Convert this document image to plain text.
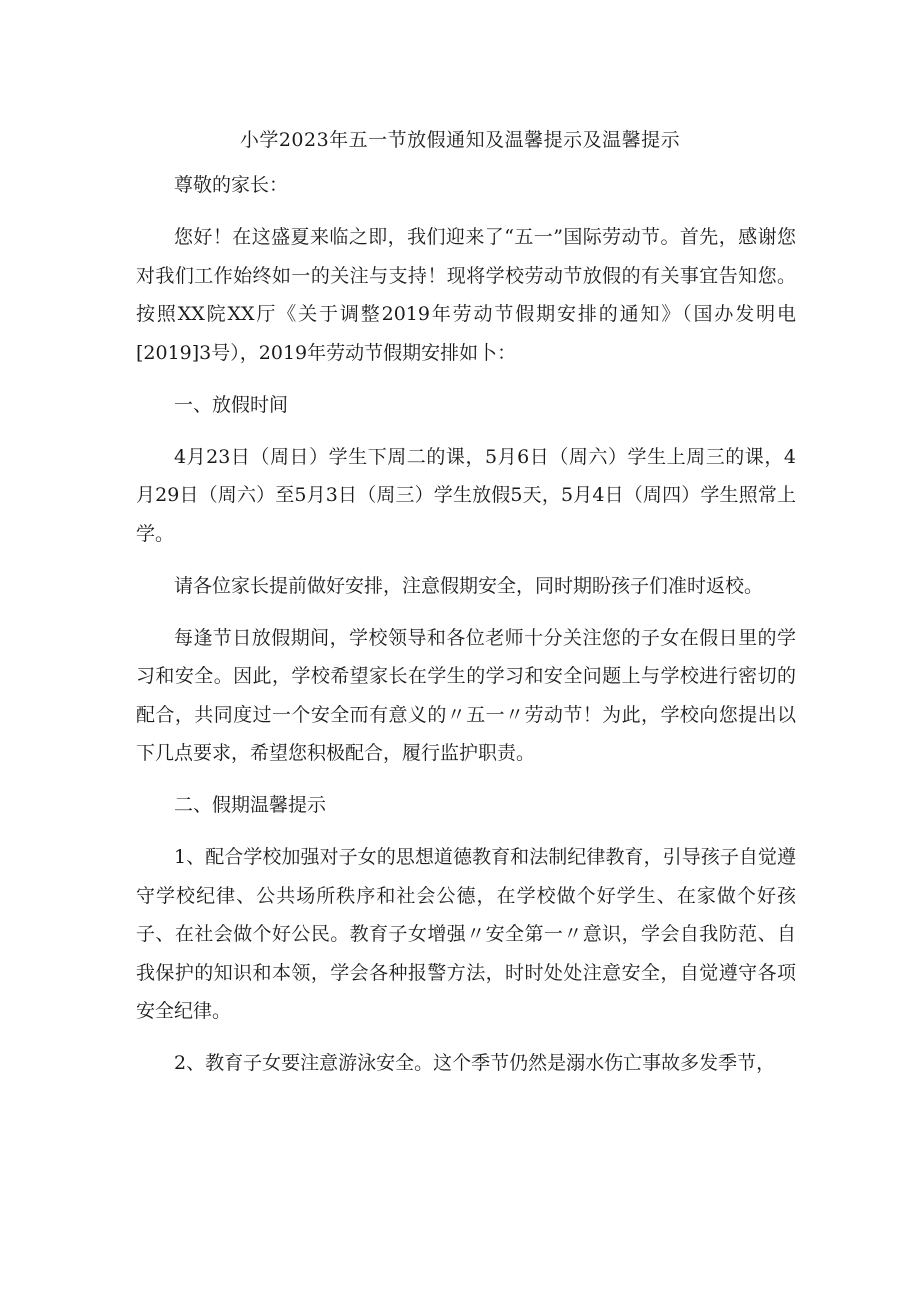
小学2023年五一节放假通知及温馨提示及温馨提示

尊敬的家长：

您好！在这盛夏来临之即，我们迎来了“五一”国际劳动节。首先，感谢您对我们工作始终如一的关注与支持！现将学校劳动节放假的有关事宜告知您。按照XX院XX厅《关于调整2019年劳动节假期安排的通知》（国办发明电[2019]3号），2019年劳动节假期安排如卜：

一、放假时间

4月23日（周日）学生下周二的课，5月6日（周六）学生上周三的课，4月29日（周六）至5月3日（周三）学生放假5天，5月4日（周四）学生照常上学。

请各位家长提前做好安排，注意假期安全，同时期盼孩子们准时返校。

每逢节日放假期间，学校领导和各位老师十分关注您的子女在假日里的学习和安全。因此，学校希望家长在学生的学习和安全问题上与学校进行密切的配合，共同度过一个安全而有意义的〃五一〃劳动节！为此，学校向您提出以下几点要求，希望您积极配合，履行监护职责。

二、假期温馨提示

1、配合学校加强对子女的思想道德教育和法制纪律教育，引导孩子自觉遵守学校纪律、公共场所秩序和社会公德，在学校做个好学生、在家做个好孩子、在社会做个好公民。教育子女增强〃安全第一〃意识，学会自我防范、自我保护的知识和本领，学会各种报警方法，时时处处注意安全，自觉遵守各项安全纪律。

2、教育子女要注意游泳安全。这个季节仍然是溺水伤亡事故多发季节，
